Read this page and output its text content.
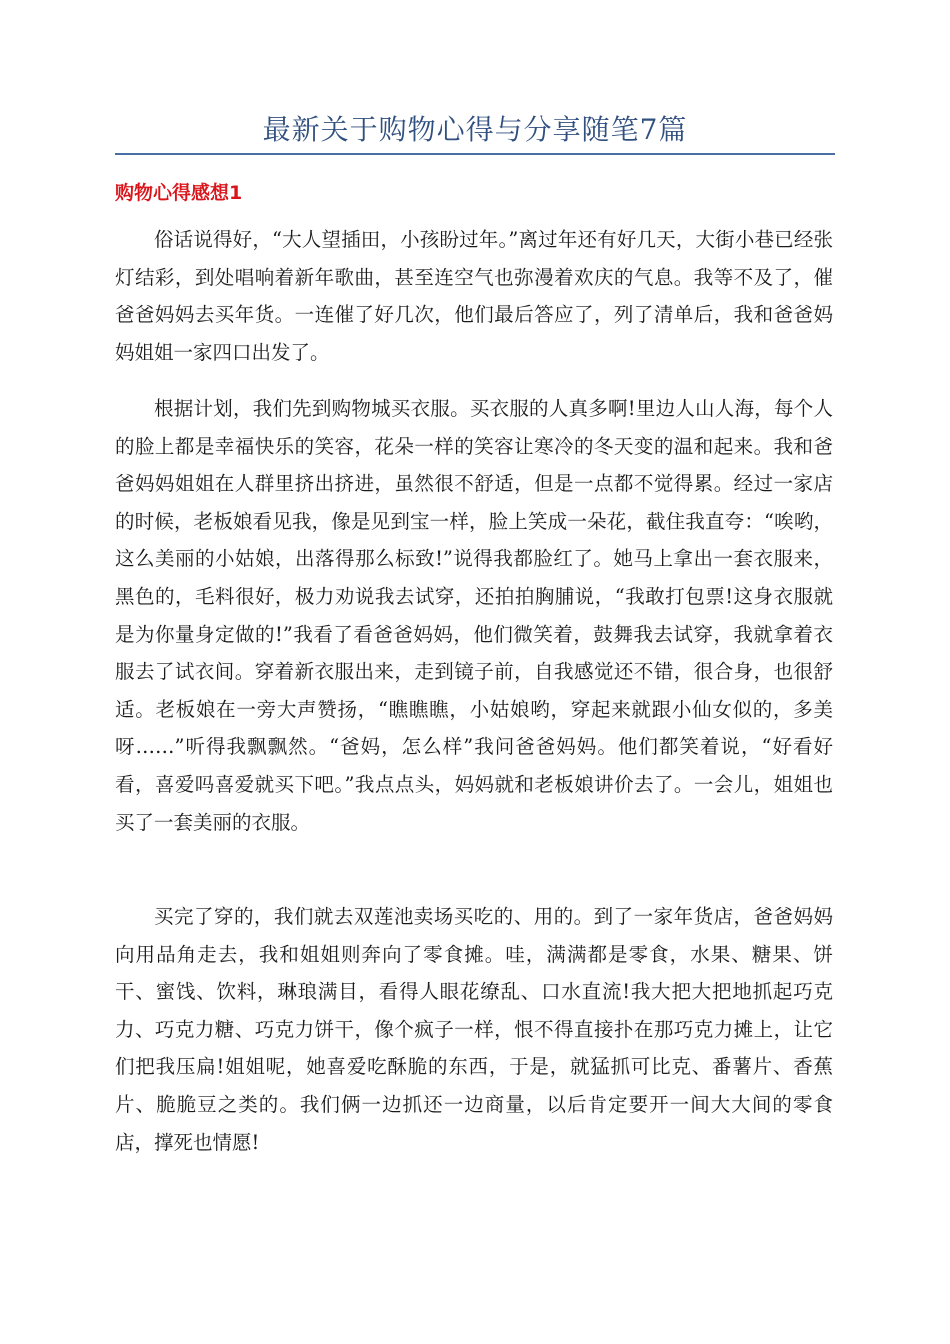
最新关于购物心得与分享随笔7篇
购物心得感想1

俗话说得好，“大人望插田，小孩盼过年。”离过年还有好几天，大街小巷已经张灯结彩，到处唱响着新年歌曲，甚至连空气也弥漫着欢庆的气息。我等不及了，催爸爸妈妈去买年货。一连催了好几次，他们最后答应了，列了清单后，我和爸爸妈妈姐姐一家四口出发了。

根据计划，我们先到购物城买衣服。买衣服的人真多啊!里边人山人海，每个人的脸上都是幸福快乐的笑容，花朵一样的笑容让寒冷的冬天变的温和起来。我和爸爸妈妈姐姐在人群里挤出挤进，虽然很不舒适，但是一点都不觉得累。经过一家店的时候，老板娘看见我，像是见到宝一样，脸上笑成一朵花，截住我直夸：“唉哟，这么美丽的小姑娘，出落得那么标致!”说得我都脸红了。她马上拿出一套衣服来，黑色的，毛料很好，极力劝说我去试穿，还拍拍胸脯说，“我敢打包票!这身衣服就是为你量身定做的!”我看了看爸爸妈妈，他们微笑着，鼓舞我去试穿，我就拿着衣服去了试衣间。穿着新衣服出来，走到镜子前，自我感觉还不错，很合身，也很舒适。老板娘在一旁大声赞扬，“瞧瞧瞧，小姑娘哟，穿起来就跟小仙女似的，多美呀……”听得我飘飘然。“爸妈，怎么样”我问爸爸妈妈。他们都笑着说，“好看好看，喜爱吗喜爱就买下吧。”我点点头，妈妈就和老板娘讲价去了。一会儿，姐姐也买了一套美丽的衣服。

买完了穿的，我们就去双莲池卖场买吃的、用的。到了一家年货店，爸爸妈妈向用品角走去，我和姐姐则奔向了零食摊。哇，满满都是零食，水果、糖果、饼干、蜜饯、饮料，琳琅满目，看得人眼花缭乱、口水直流!我大把大把地抓起巧克力、巧克力糖、巧克力饼干，像个疯子一样，恨不得直接扑在那巧克力摊上，让它们把我压扁!姐姐呢，她喜爱吃酥脆的东西，于是，就猛抓可比克、番薯片、香蕉片、脆脆豆之类的。我们俩一边抓还一边商量，以后肯定要开一间大大间的零食店，撑死也情愿!
